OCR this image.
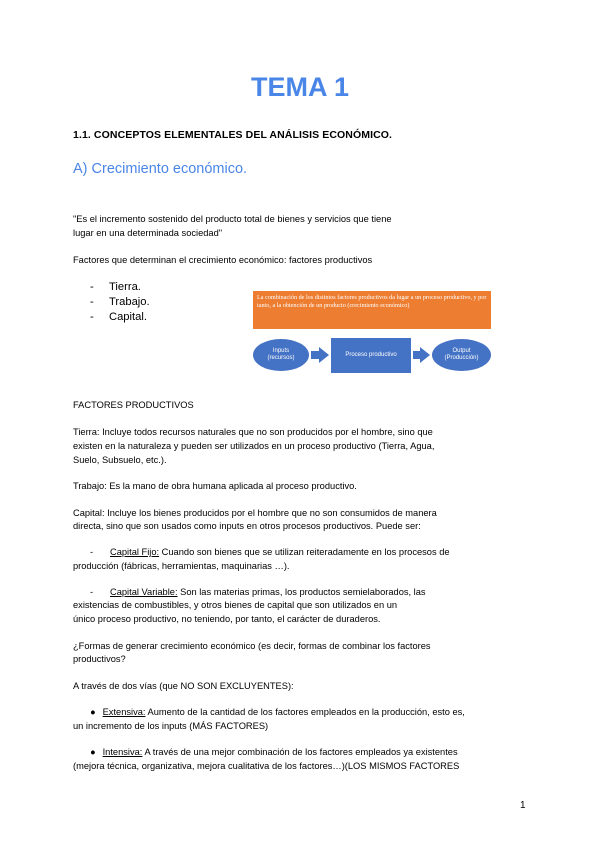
TEMA 1
1.1. CONCEPTOS ELEMENTALES DEL ANÁLISIS ECONÓMICO.
A) Crecimiento económico.

"Es el incremento sostenido del producto total de bienes y servicios que tiene

lugar en una determinada sociedad"

Factores que determinan el crecimiento económico: factores productivos

- Tierra.
- Trabajo.
- Capital.
La combinación de los distintos factores productivos da lugar a un proceso productivo, y por tanto, a la obtención de un producto (crecimiento económico)
Inputs
(recursos)
Proceso productivo
Output
(Producción)

FACTORES PRODUCTIVOS

Tierra: Incluye todos recursos naturales que no son producidos por el hombre, sino que

existen en la naturaleza y pueden ser utilizados en un proceso productivo (Tierra, Agua,

Suelo, Subsuelo, etc.).

Trabajo: Es la mano de obra humana aplicada al proceso productivo.

Capital: Incluye los bienes producidos por el hombre que no son consumidos de manera

directa, sino que son usados como inputs en otros procesos productivos. Puede ser:

- Capital Fijo: Cuando son bienes que se utilizan reiteradamente en los procesos de

producción (fábricas, herramientas, maquinarias …).

- Capital Variable: Son las materias primas, los productos semielaborados, las

existencias de combustibles, y otros bienes de capital que son utilizados en un

único proceso productivo, no teniendo, por tanto, el carácter de duraderos.

¿Formas de generar crecimiento económico (es decir, formas de combinar los factores

productivos?

A través de dos vías (que NO SON EXCLUYENTES):

● Extensiva: Aumento de la cantidad de los factores empleados en la producción, esto es,

un incremento de los inputs (MÁS FACTORES)

● Intensiva: A través de una mejor combinación de los factores empleados ya existentes

(mejora técnica, organizativa, mejora cualitativa de los factores…)(LOS MISMOS FACTORES

1
